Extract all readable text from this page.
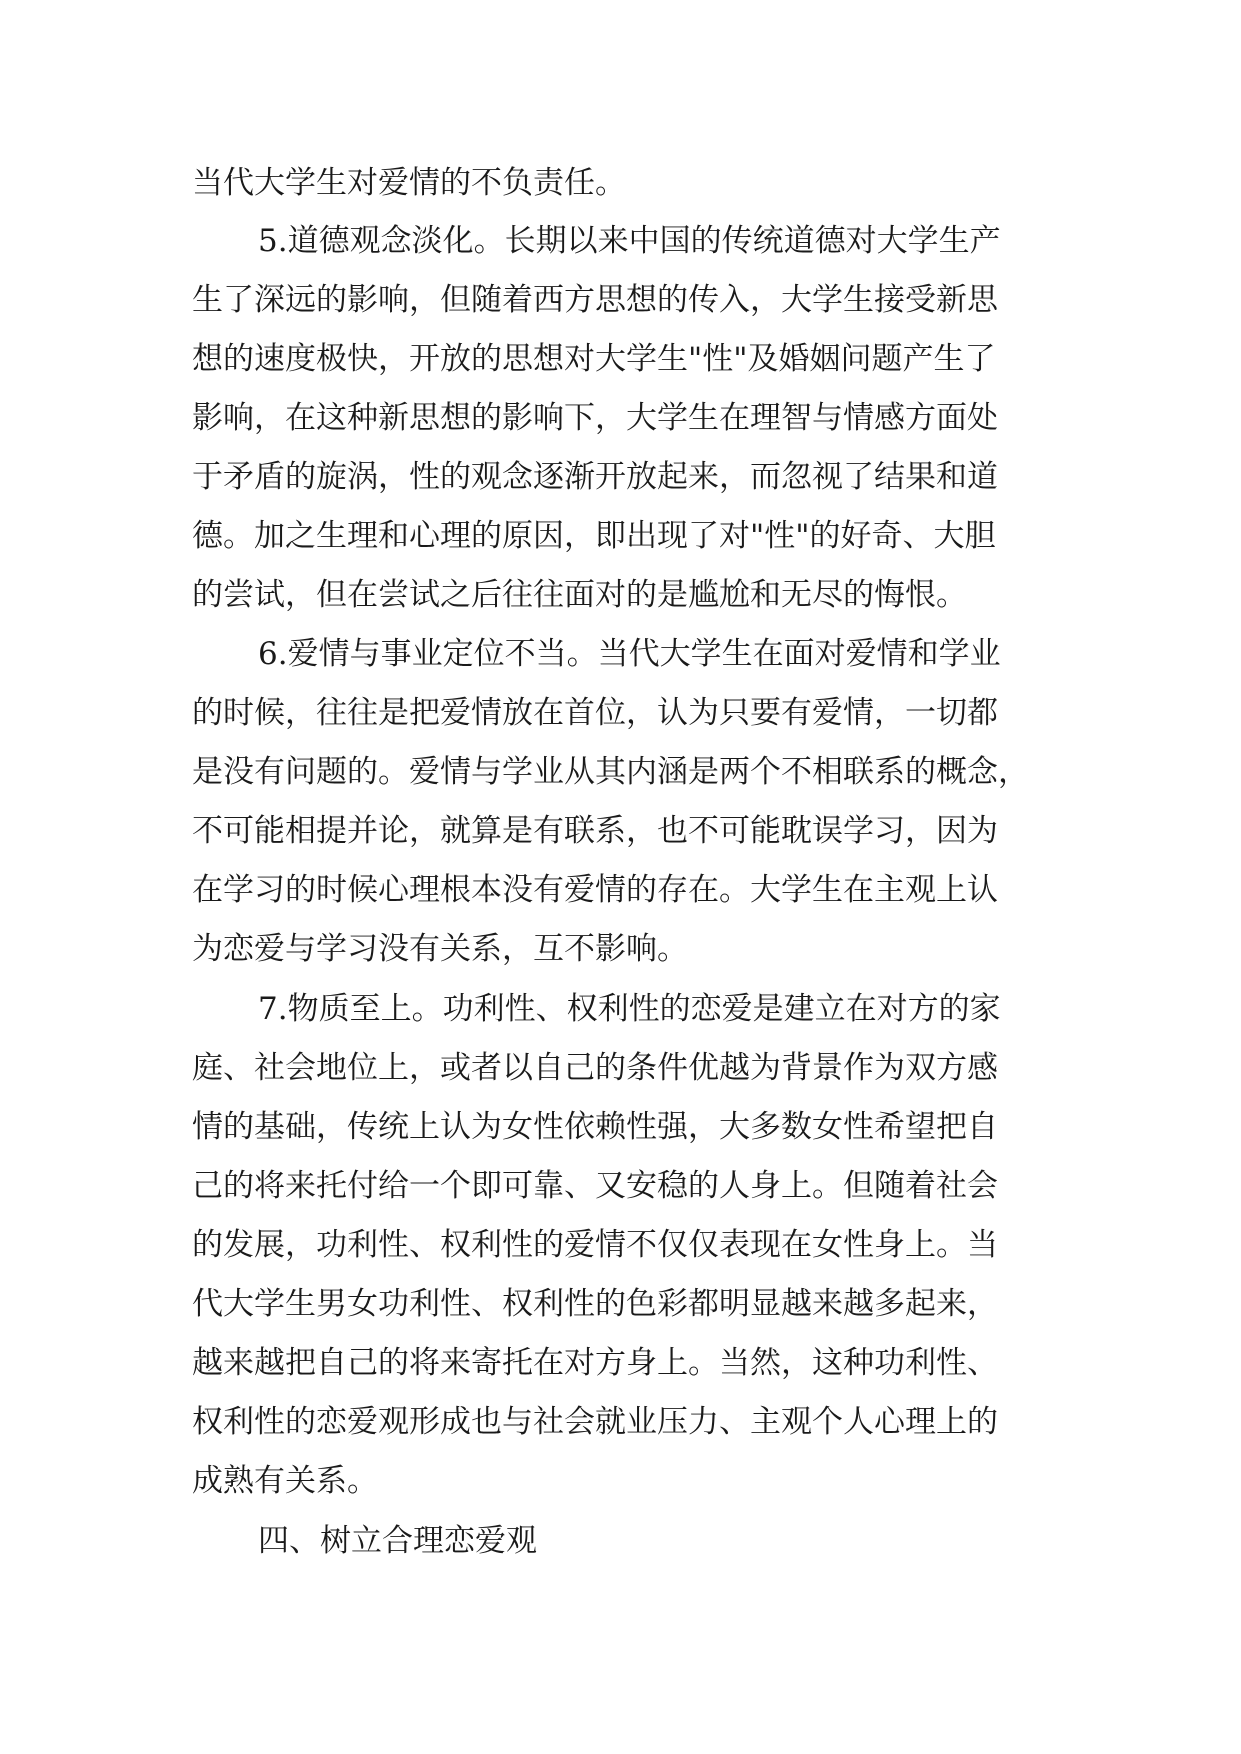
当代大学生对爱情的不负责任。
5.道德观念淡化。长期以来中国的传统道德对大学生产
生了深远的影响，但随着西方思想的传入，大学生接受新思
想的速度极快，开放的思想对大学生"性"及婚姻问题产生了
影响，在这种新思想的影响下，大学生在理智与情感方面处
于矛盾的旋涡，性的观念逐渐开放起来，而忽视了结果和道
德。加之生理和心理的原因，即出现了对"性"的好奇、大胆
的尝试，但在尝试之后往往面对的是尴尬和无尽的悔恨。
6.爱情与事业定位不当。当代大学生在面对爱情和学业
的时候，往往是把爱情放在首位，认为只要有爱情，一切都
是没有问题的。爱情与学业从其内涵是两个不相联系的概念，
不可能相提并论，就算是有联系，也不可能耽误学习，因为
在学习的时候心理根本没有爱情的存在。大学生在主观上认
为恋爱与学习没有关系，互不影响。
7.物质至上。功利性、权利性的恋爱是建立在对方的家
庭、社会地位上，或者以自己的条件优越为背景作为双方感
情的基础，传统上认为女性依赖性强，大多数女性希望把自
己的将来托付给一个即可靠、又安稳的人身上。但随着社会
的发展，功利性、权利性的爱情不仅仅表现在女性身上。当
代大学生男女功利性、权利性的色彩都明显越来越多起来，
越来越把自己的将来寄托在对方身上。当然，这种功利性、
权利性的恋爱观形成也与社会就业压力、主观个人心理上的
成熟有关系。
四、树立合理恋爱观
